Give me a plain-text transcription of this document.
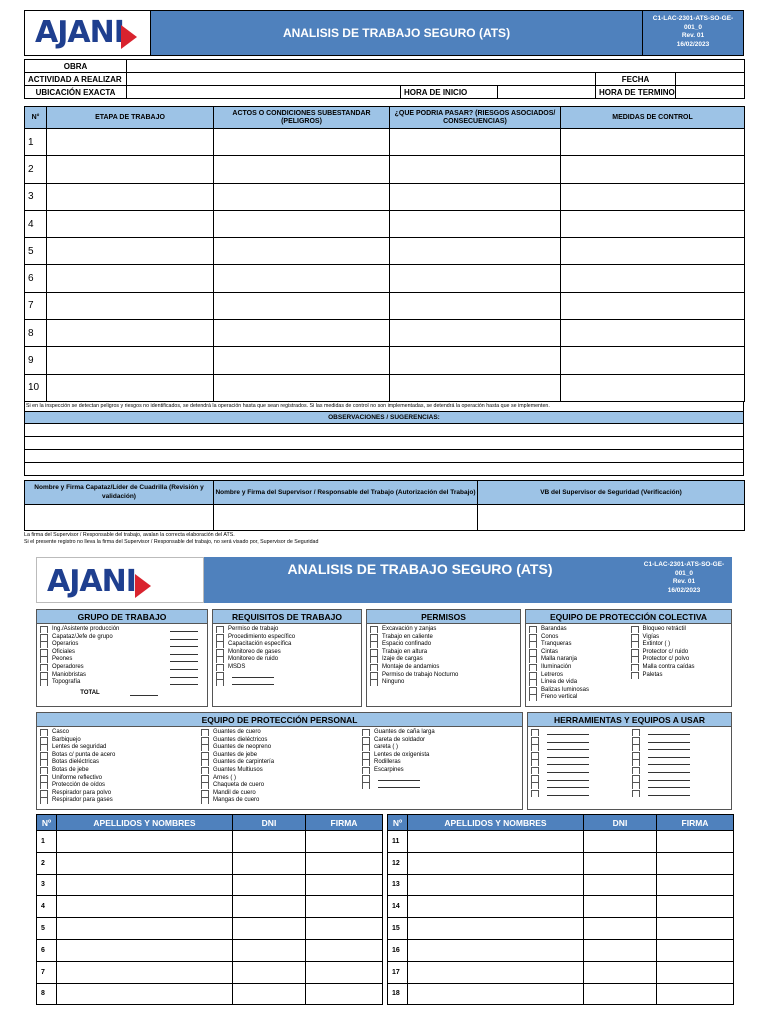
AJANI	ANALISIS DE TRABAJO SEGURO (ATS)
C1-LAC-2301-ATS-SO-GE-
001_0
Rev. 01
16/02/2023
OBRA					
ACTIVIDAD A REALIZAR				FECHA	
UBICACIÓN EXACTA		HORA DE INICIO		HORA DE TERMINO	
N°	ETAPA DE TRABAJO	ACTOS O CONDICIONES SUBESTANDAR (PELIGROS)	¿QUE PODRIA PASAR? (RIESGOS ASOCIADOS/ CONSECUENCIAS)	MEDIDAS DE CONTROL
1				
2				
3				
4				
5				
6				
7				
8				
9				
10				
Si en la inspección se detectan peligros y riesgos no identificados, se detendrá la operación hasta que sean registrados. Si las medidas de control no son implementadas, se detendrá la operación hasta que se implementen.
OBSERVACIONES / SUGERENCIAS:
Nombre y Firma Capataz/Líder de Cuadrilla (Revisión y validación)	Nombre y Firma del Supervisor / Responsable del Trabajo (Autorización del Trabajo)	VB del Supervisor de Seguridad (Verificación)

La firma del Supervisor / Responsable del trabajo, avalan la correcta elaboración del ATS.
Si el presente registro no lleva la firma del Supervisor / Responsable del trabajo, no será visado por, Supervisor de Seguridad
AJANI	ANALISIS DE TRABAJO SEGURO (ATS)	C1-LAC-2301-ATS-SO-GE-
001_0
Rev. 01
16/02/2023
GRUPO DE TRABAJO
Ing./Asistente producción
Capataz/Jefe de grupo
Operarios
Oficiales
Peones
Operadores
Maniobristas
Topografía
TOTAL
REQUISITOS DE TRABAJO
Permiso de trabajo
Procedimiento específico
Capacitación específica
Monitoreo de gases
Monitoreo de ruido
MSDS
PERMISOS
Excavación y zanjas
Trabajo en caliente
Espacio confinado
Trabajo en altura
Izaje de cargas
Montaje de andamios
Permiso de trabajo Nocturno
Ninguno
EQUIPO DE PROTECCIÓN COLECTIVA
Barandas
Conos
Tranqueras
Cintas
Malla naranja
Iluminación
Letreros
Línea de vida
Balizas luminosas
Freno vertical
Bloqueo retráctil
Vigías
Extintor ( )
Protector c/ ruido
Protector c/ polvo
Malla contra caídas
Paletas
EQUIPO DE PROTECCIÓN PERSONAL
Casco
Barbiquejo
Lentes de seguridad
Botas c/ punta de acero
Botas dieléctricas
Botas de jebe
Uniforme reflectivo
Protección de oídos
Respirador para polvo
Respirador para gases
Guantes de cuero
Guantes dieléctricos
Guantes de neopreno
Guantes de jebe
Guantes de carpintería
Guantes Multiusos
Arnes ( )
Chaqueta de cuero
Mandil de cuero
Mangas de cuero
Guantes de caña larga
Careta de soldador
careta ( )
Lentes de oxígenista
Rodilleras
Escarpines
HERRAMIENTAS Y EQUIPOS A USAR
Nº	APELLIDOS Y NOMBRES	DNI	FIRMA
1			
2			
3			
4			
5			
6			
7			
8			
Nº	APELLIDOS Y NOMBRES	DNI	FIRMA
11			
12			
13			
14			
15			
16			
17			
18			
